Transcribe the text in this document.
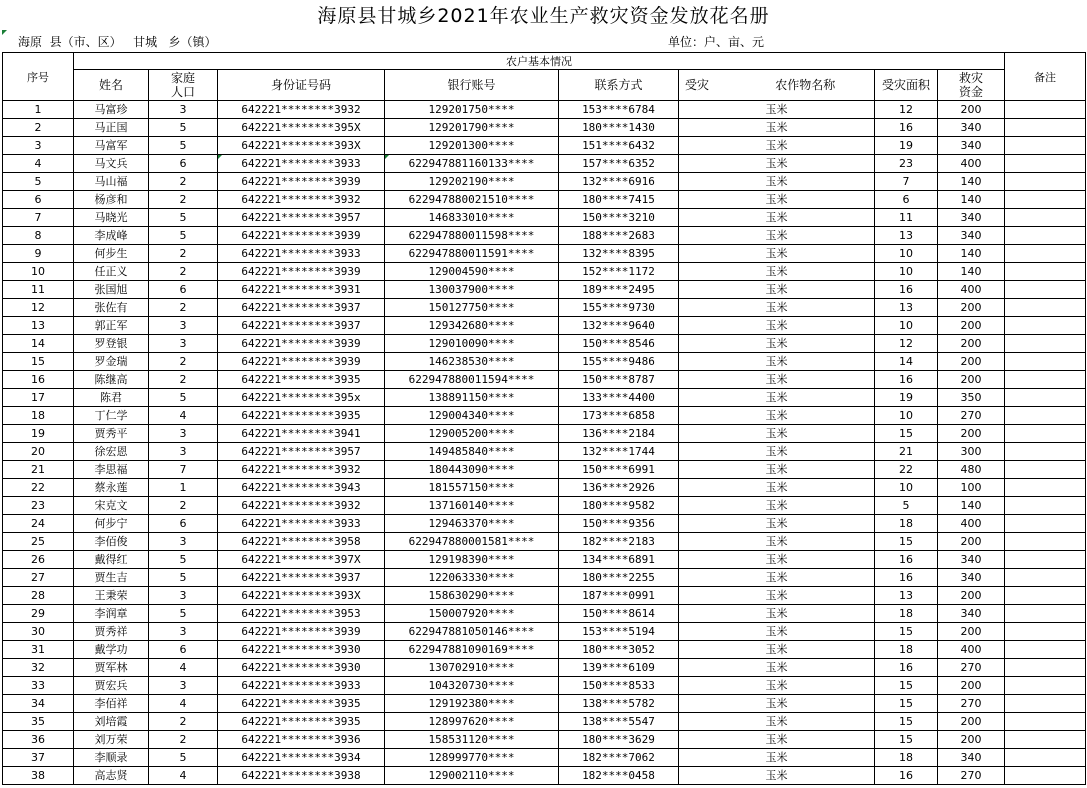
海原县甘城乡2021年农业生产救灾资金发放花名册
海原  县（市、区）   甘城   乡（镇）	单位：户、亩、元
序号	农户基本情况									备注
	姓名	家庭
人口	身份证号码	银行账号	联系方式	受灾	农作物名称	受灾面积	救灾
资金	
1	马富珍	3	642221********3932	129201750****	153****6784	玉米		12	200	
2	马正国	5	642221********395X	129201790****	180****1430	玉米		16	340	
3	马富军	5	642221********393X	129201300****	151****6432	玉米		19	340	
4	马文兵	6	642221********3933	622947881160133****	157****6352	玉米		23	400	
5	马山福	2	642221********3939	129202190****	132****6916	玉米		7	140	
6	杨彦和	2	642221********3932	622947880021510****	180****7415	玉米		6	140	
7	马晓光	5	642221********3957	146833010****	150****3210	玉米		11	340	
8	李成峰	5	642221********3939	622947880011598****	188****2683	玉米		13	340	
9	何步生	2	642221********3933	622947880011591****	132****8395	玉米		10	140	
10	任正义	2	642221********3939	129004590****	152****1172	玉米		10	140	
11	张国旭	6	642221********3931	130037900****	189****2495	玉米		16	400	
12	张佐有	2	642221********3937	150127750****	155****9730	玉米		13	200	
13	郭正军	3	642221********3937	129342680****	132****9640	玉米		10	200	
14	罗登银	3	642221********3939	129010090****	150****8546	玉米		12	200	
15	罗金瑞	2	642221********3939	146238530****	155****9486	玉米		14	200	
16	陈继高	2	642221********3935	622947880011594****	150****8787	玉米		16	200	
17	陈君	5	642221********395x	138891150****	133****4400	玉米		19	350	
18	丁仁学	4	642221********3935	129004340****	173****6858	玉米		10	270	
19	贾秀平	3	642221********3941	129005200****	136****2184	玉米		15	200	
20	徐宏恩	3	642221********3957	149485840****	132****1744	玉米		21	300	
21	李思福	7	642221********3932	180443090****	150****6991	玉米		22	480	
22	蔡永莲	1	642221********3943	181557150****	136****2926	玉米		10	100	
23	宋克文	2	642221********3932	137160140****	180****9582	玉米		5	140	
24	何步宁	6	642221********3933	129463370****	150****9356	玉米		18	400	
25	李佰俊	3	642221********3958	622947880001581****	182****2183	玉米		15	200	
26	戴得红	5	642221********397X	129198390****	134****6891	玉米		16	340	
27	贾生吉	5	642221********3937	122063330****	180****2255	玉米		16	340	
28	王秉荣	3	642221********393X	158630290****	187****0991	玉米		13	200	
29	李润章	5	642221********3953	150007920****	150****8614	玉米		18	340	
30	贾秀祥	3	642221********3939	622947881050146****	153****5194	玉米		15	200	
31	戴学功	6	642221********3930	622947881090169****	180****3052	玉米		18	400	
32	贾军林	4	642221********3930	130702910****	139****6109	玉米		16	270	
33	贾宏兵	3	642221********3933	104320730****	150****8533	玉米		15	200	
34	李佰祥	4	642221********3935	129192380****	138****5782	玉米		15	270	
35	刘培霞	2	642221********3935	128997620****	138****5547	玉米		15	200	
36	刘万荣	2	642221********3936	158531120****	180****3629	玉米		15	200	
37	李顺录	5	642221********3934	128999770****	182****7062	玉米		18	340	
38	高志贤	4	642221********3938	129002110****	182****0458	玉米		16	270	
